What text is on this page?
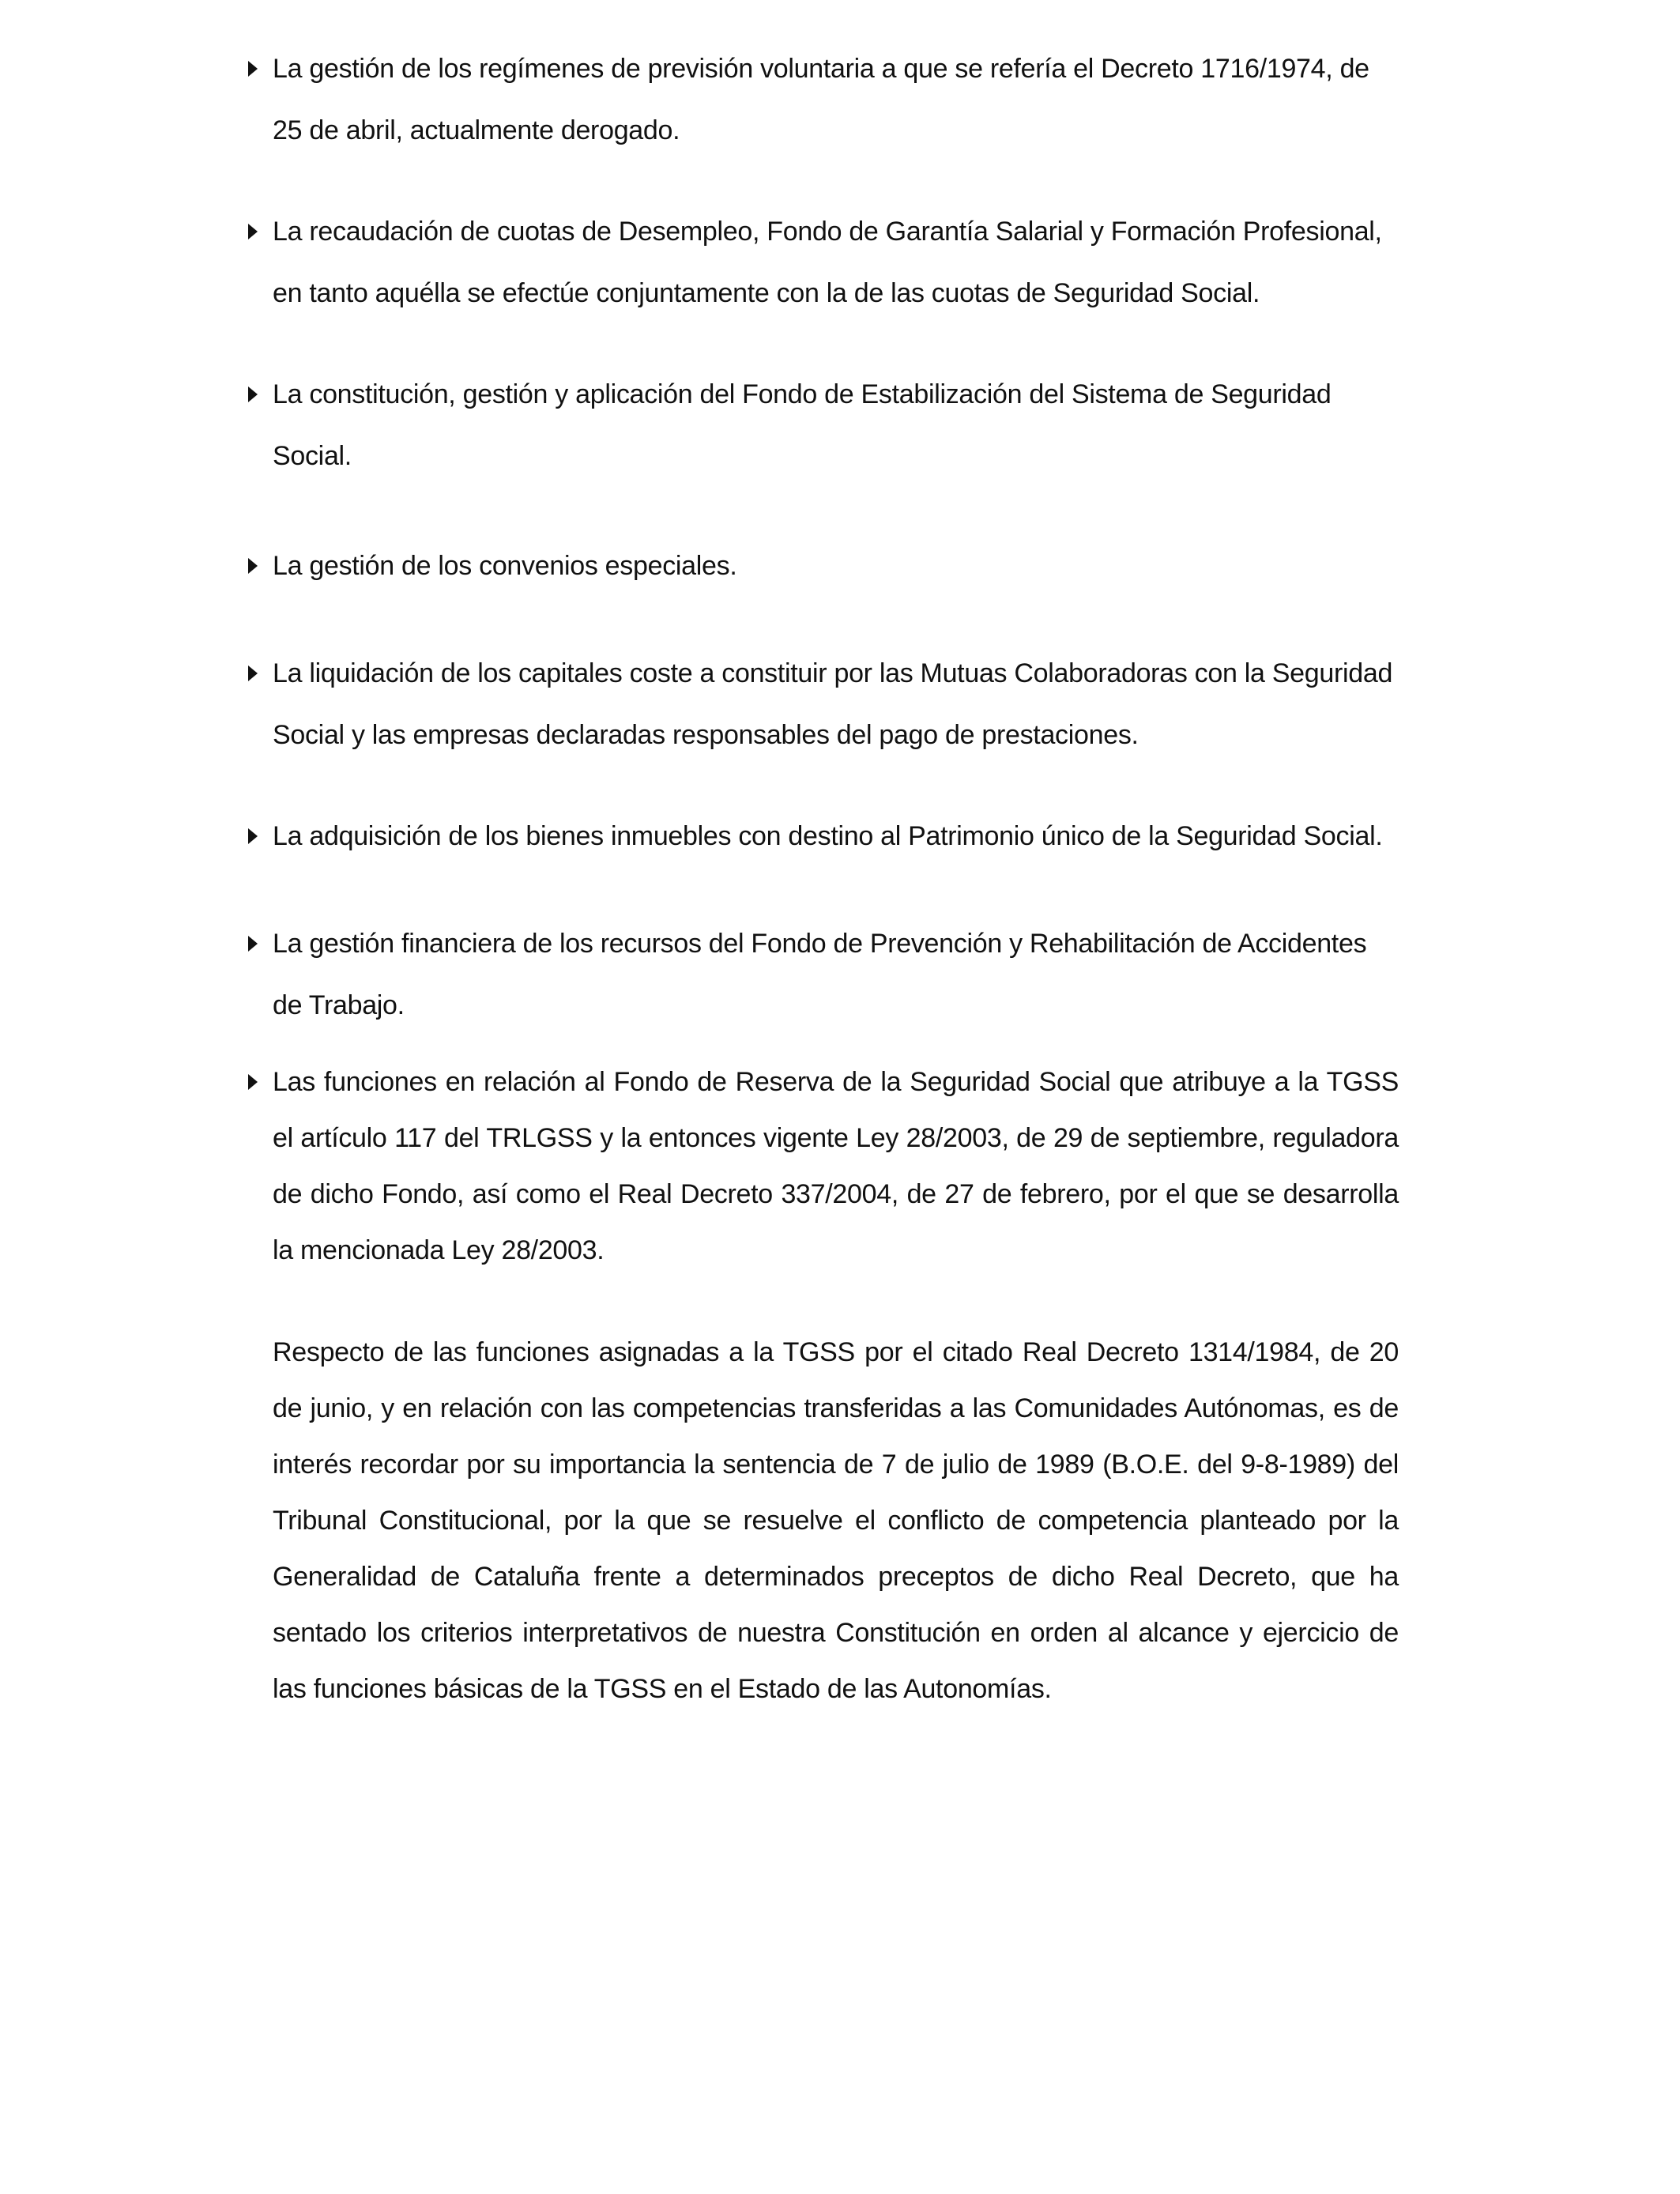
La gestión de los regímenes de previsión voluntaria a que se refería el Decreto 1716/1974, de 25 de abril, actualmente derogado.
La recaudación de cuotas de Desempleo, Fondo de Garantía Salarial y Formación Profesional, en tanto aquélla se efectúe conjuntamente con la de las cuotas de Seguridad Social.
La constitución, gestión y aplicación del Fondo de Estabilización del Sistema de Seguridad Social.
La gestión de los convenios especiales.
La liquidación de los capitales coste a constituir por las Mutuas Colaboradoras con la Seguridad Social y las empresas declaradas responsables del pago de prestaciones.
La adquisición de los bienes inmuebles con destino al Patrimonio único de la Seguridad Social.
La gestión financiera de los recursos del Fondo de Prevención y Rehabilitación de Accidentes de Trabajo.
Las funciones en relación al Fondo de Reserva de la Seguridad Social que atribuye a la TGSS el artículo 117 del TRLGSS y la entonces vigente Ley 28/2003, de 29 de septiembre, reguladora de dicho Fondo, así como el Real Decreto 337/2004, de 27 de febrero, por el que se desarrolla la mencionada Ley 28/2003.

Respecto de las funciones asignadas a la TGSS por el citado Real Decreto 1314/1984, de 20 de junio, y en relación con las competencias transferidas a las Comunidades Autónomas, es de interés recordar por su importancia la sentencia de 7 de julio de 1989 (B.O.E. del 9-8-1989) del Tribunal Constitucional, por la que se resuelve el conflicto de competencia planteado por la Generalidad de Cataluña frente a determinados preceptos de dicho Real Decreto, que ha sentado los criterios interpretativos de nuestra Constitución en orden al alcance y ejercicio de las funciones básicas de la TGSS en el Estado de las Autonomías.
